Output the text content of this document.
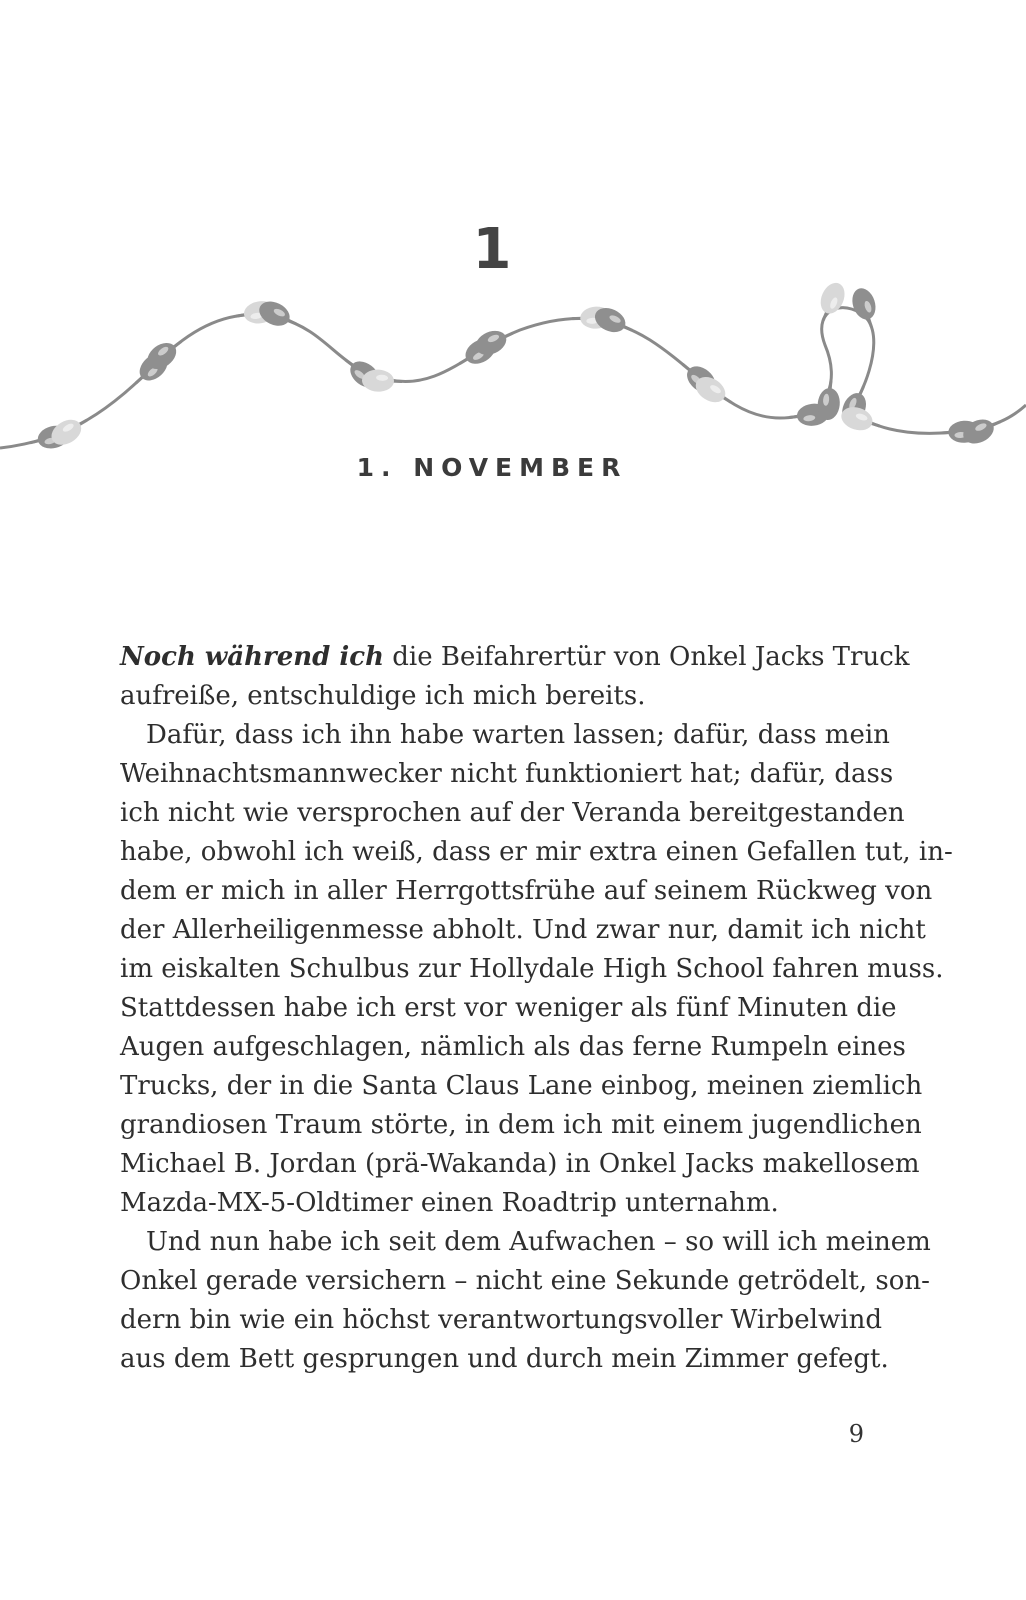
1
1. NOVEMBER
Noch während ich die Beifahrertür von Onkel Jacks Truck
aufreiße, entschuldige ich mich bereits.
Dafür, dass ich ihn habe warten lassen; dafür, dass mein
Weihnachtsmannwecker nicht funktioniert hat; dafür, dass
ich nicht wie versprochen auf der Veranda bereitgestanden
habe, obwohl ich weiß, dass er mir extra einen Gefallen tut, in-
dem er mich in aller Herrgottsfrühe auf seinem Rückweg von
der Allerheiligenmesse abholt. Und zwar nur, damit ich nicht
im eiskalten Schulbus zur Hollydale High School fahren muss.
Stattdessen habe ich erst vor weniger als fünf Minuten die
Augen aufgeschlagen, nämlich als das ferne Rumpeln eines
Trucks, der in die Santa Claus Lane einbog, meinen ziemlich
grandiosen Traum störte, in dem ich mit einem jugendlichen
Michael B. Jordan (prä-Wakanda) in Onkel Jacks makellosem
Mazda-MX-5-Oldtimer einen Roadtrip unternahm.
Und nun habe ich seit dem Aufwachen – so will ich meinem
Onkel gerade versichern – nicht eine Sekunde getrödelt, son-
dern bin wie ein höchst verantwortungsvoller Wirbelwind
aus dem Bett gesprungen und durch mein Zimmer gefegt.
9
